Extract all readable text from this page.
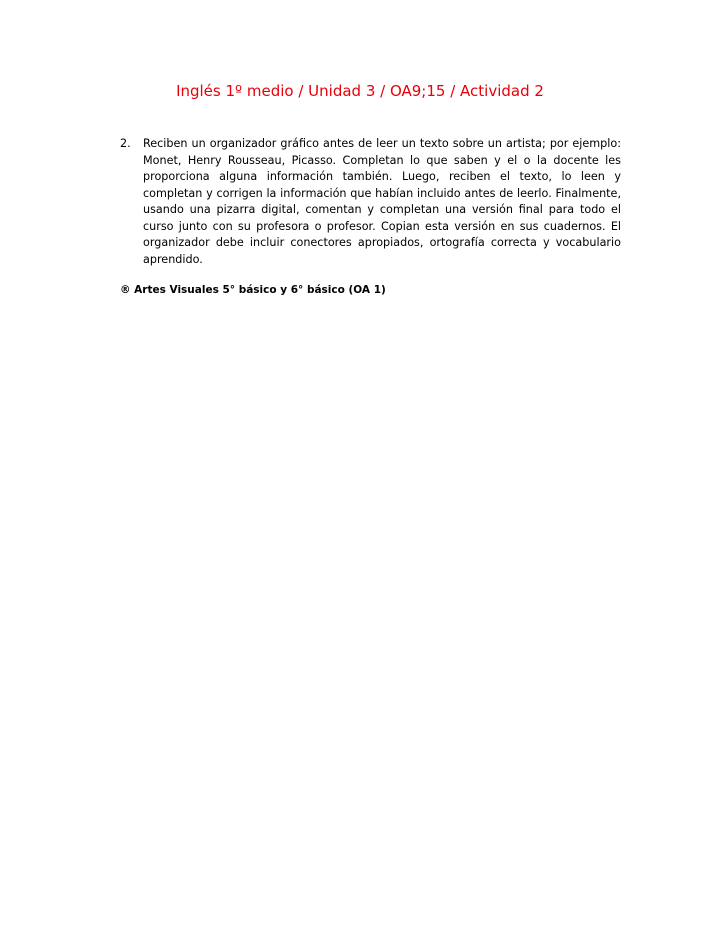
Inglés 1º medio / Unidad 3 / OA9;15 / Actividad 2
2. Reciben un organizador gráfico antes de leer un texto sobre un artista; por ejemplo: Monet, Henry Rousseau, Picasso. Completan lo que saben y el o la docente les proporciona alguna información también. Luego, reciben el texto, lo leen y completan y corrigen la información que habían incluido antes de leerlo. Finalmente, usando una pizarra digital, comentan y completan una versión final para todo el curso junto con su profesora o profesor. Copian esta versión en sus cuadernos. El organizador debe incluir conectores apropiados, ortografía correcta y vocabulario aprendido.
® Artes Visuales 5° básico y 6° básico (OA 1)
